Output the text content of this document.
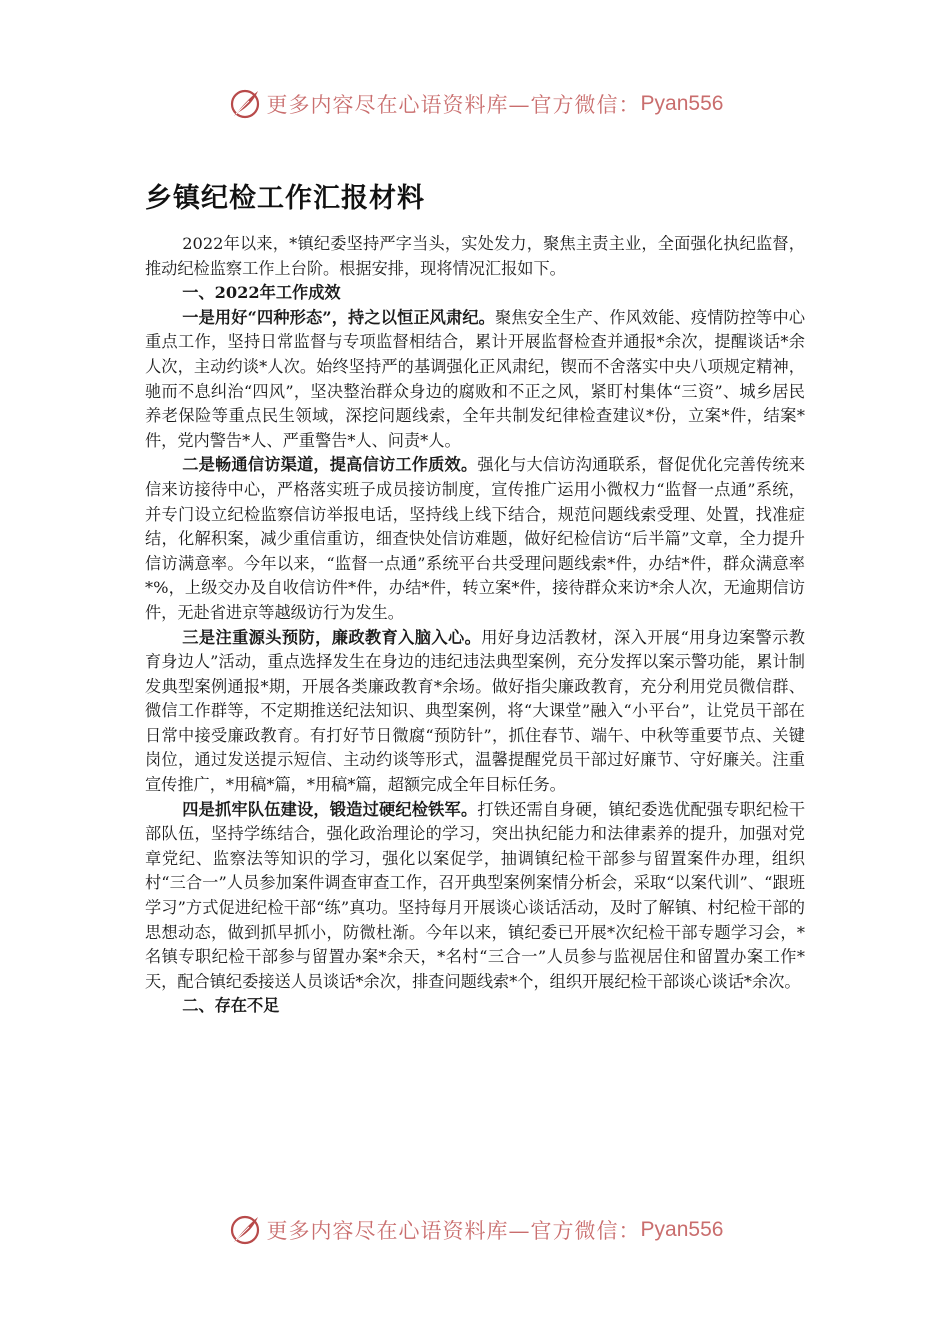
更多内容尽在心语资料库—官方微信： Pyan556
乡镇纪检工作汇报材料

2022年以来，*镇纪委坚持严字当头，实处发力，聚焦主责主业，全面强化执纪监督，推动纪检监察工作上台阶。根据安排，现将情况汇报如下。

一、2022年工作成效

一是用好“四种形态”，持之以恒正风肃纪。聚焦安全生产、作风效能、疫情防控等中心重点工作，坚持日常监督与专项监督相结合，累计开展监督检查并通报*余次，提醒谈话*余人次，主动约谈*人次。始终坚持严的基调强化正风肃纪，锲而不舍落实中央八项规定精神，驰而不息纠治“四风”，坚决整治群众身边的腐败和不正之风，紧盯村集体“三资”、城乡居民养老保险等重点民生领域，深挖问题线索，全年共制发纪律检查建议*份，立案*件，结案*件，党内警告*人、严重警告*人、问责*人。

二是畅通信访渠道，提高信访工作质效。强化与大信访沟通联系，督促优化完善传统来信来访接待中心，严格落实班子成员接访制度，宣传推广运用小微权力“监督一点通”系统，并专门设立纪检监察信访举报电话，坚持线上线下结合，规范问题线索受理、处置，找准症结，化解积案，减少重信重访，细查快处信访难题，做好纪检信访“后半篇”文章，全力提升信访满意率。今年以来，“监督一点通”系统平台共受理问题线索*件，办结*件，群众满意率*%，上级交办及自收信访件*件，办结*件，转立案*件，接待群众来访*余人次，无逾期信访件，无赴省进京等越级访行为发生。

三是注重源头预防，廉政教育入脑入心。用好身边活教材，深入开展“用身边案警示教育身边人”活动，重点选择发生在身边的违纪违法典型案例，充分发挥以案示警功能，累计制发典型案例通报*期，开展各类廉政教育*余场。做好指尖廉政教育，充分利用党员微信群、微信工作群等，不定期推送纪法知识、典型案例，将“大课堂”融入“小平台”，让党员干部在日常中接受廉政教育。有打好节日微腐“预防针”，抓住春节、端午、中秋等重要节点、关键岗位，通过发送提示短信、主动约谈等形式，温馨提醒党员干部过好廉节、守好廉关。注重宣传推广，*用稿*篇，*用稿*篇，超额完成全年目标任务。

四是抓牢队伍建设，锻造过硬纪检铁军。打铁还需自身硬，镇纪委选优配强专职纪检干部队伍，坚持学练结合，强化政治理论的学习，突出执纪能力和法律素养的提升，加强对党章党纪、监察法等知识的学习，强化以案促学，抽调镇纪检干部参与留置案件办理，组织村“三合一”人员参加案件调查审查工作，召开典型案例案情分析会，采取“以案代训”、“跟班学习”方式促进纪检干部“练”真功。坚持每月开展谈心谈话活动，及时了解镇、村纪检干部的思想动态，做到抓早抓小，防微杜渐。今年以来，镇纪委已开展*次纪检干部专题学习会，*名镇专职纪检干部参与留置办案*余天，*名村“三合一”人员参与监视居住和留置办案工作*天，配合镇纪委接送人员谈话*余次，排查问题线索*个，组织开展纪检干部谈心谈话*余次。

二、存在不足

更多内容尽在心语资料库—官方微信： Pyan556
